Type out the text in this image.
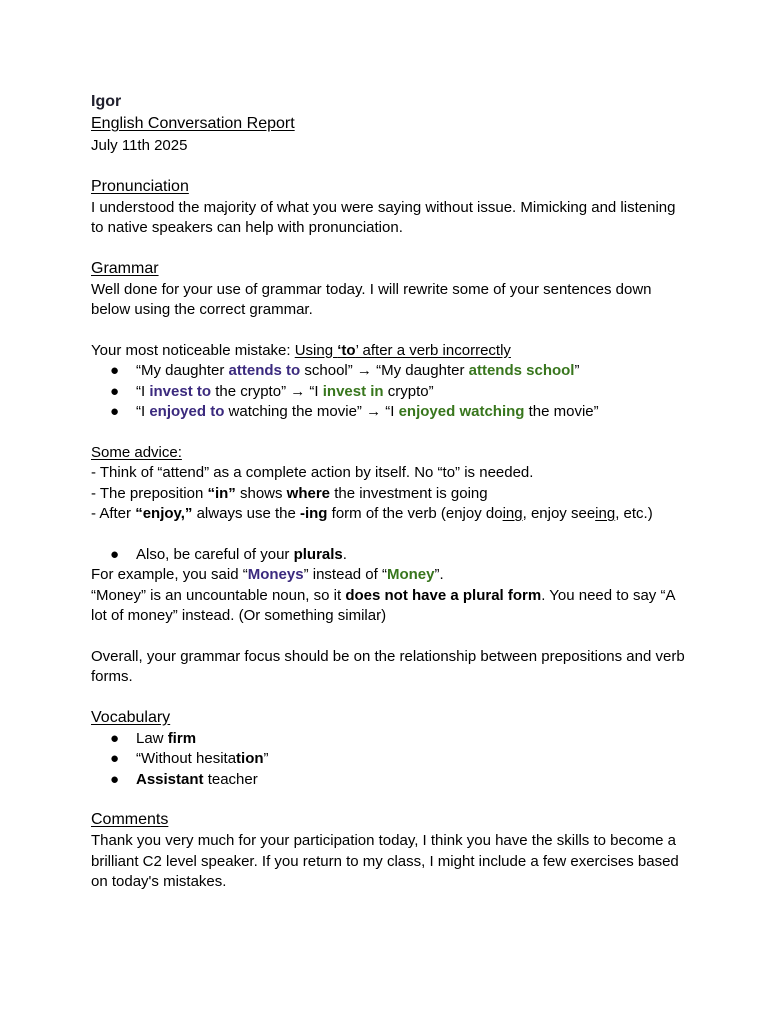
Igor
English Conversation Report
July 11th 2025
Pronunciation
I understood the majority of what you were saying without issue. Mimicking and listening to native speakers can help with pronunciation.
Grammar
Well done for your use of grammar today. I will rewrite some of your sentences down below using the correct grammar.
Your most noticeable mistake: Using ‘to’ after a verb incorrectly
● “My daughter attends to school” → “My daughter attends school”
● “I invest to the crypto” → “I invest in crypto”
● “I enjoyed to watching the movie” → “I enjoyed watching the movie”
Some advice:
- Think of “attend” as a complete action by itself. No “to” is needed.
- The preposition “in” shows where the investment is going
- After “enjoy,” always use the -ing form of the verb (enjoy doing, enjoy seeing, etc.)
● Also, be careful of your plurals.
For example, you said “Moneys” instead of “Money”.
“Money” is an uncountable noun, so it does not have a plural form. You need to say “A lot of money” instead. (Or something similar)
Overall, your grammar focus should be on the relationship between prepositions and verb forms.
Vocabulary
● Law firm
● “Without hesitation”
● Assistant teacher
Comments
Thank you very much for your participation today, I think you have the skills to become a brilliant C2 level speaker. If you return to my class, I might include a few exercises based on today's mistakes.
